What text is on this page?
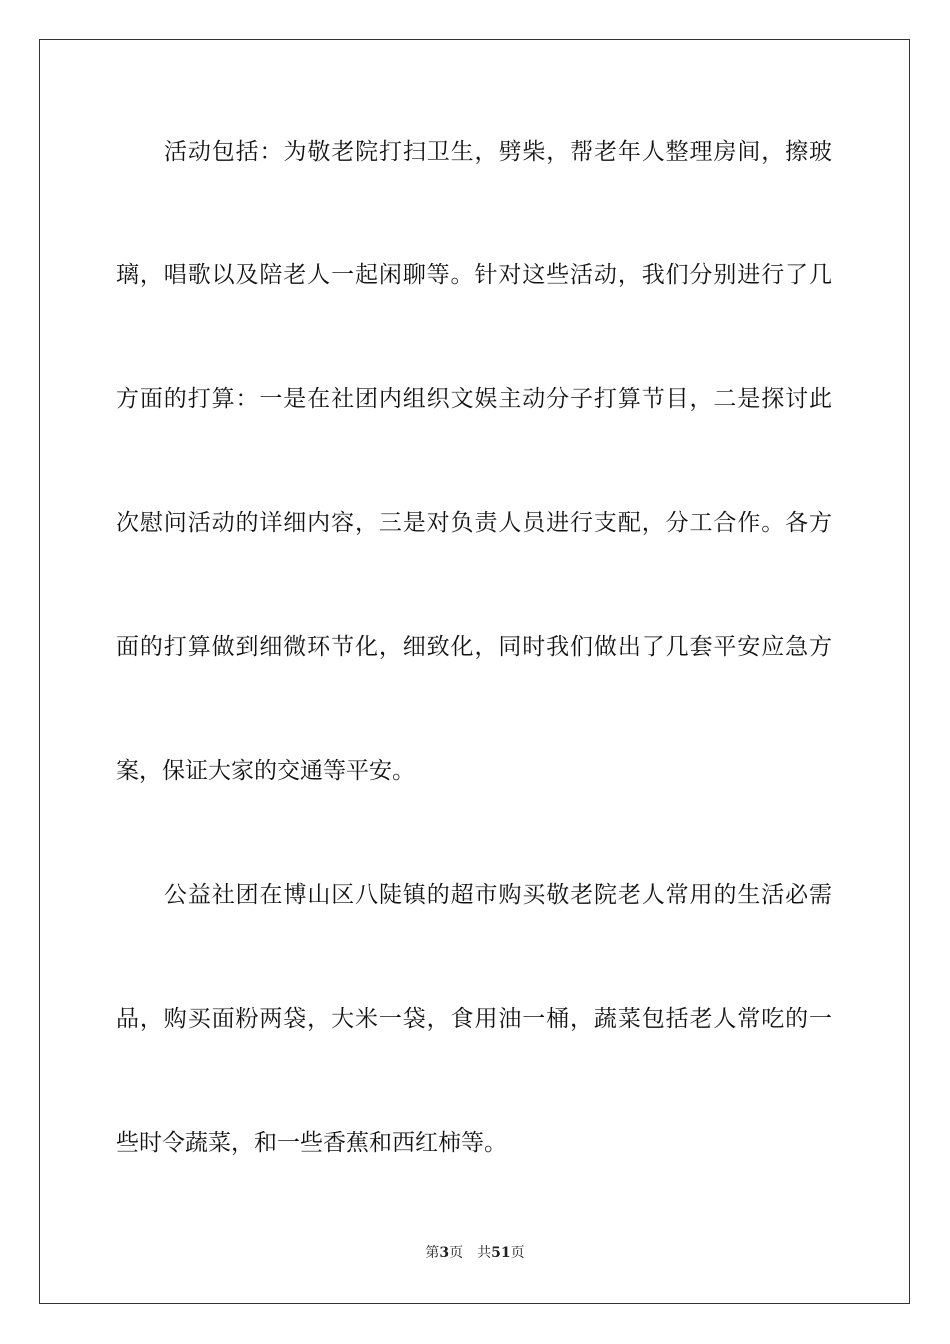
活动包括：为敬老院打扫卫生，劈柴，帮老年人整理房间，擦玻
璃，唱歌以及陪老人一起闲聊等。针对这些活动，我们分别进行了几
方面的打算：一是在社团内组织文娱主动分子打算节目，二是探讨此
次慰问活动的详细内容，三是对负责人员进行支配，分工合作。各方
面的打算做到细微环节化，细致化，同时我们做出了几套平安应急方
案，保证大家的交通等平安。
公益社团在博山区八陡镇的超市购买敬老院老人常用的生活必需
品，购买面粉两袋，大米一袋，食用油一桶，蔬菜包括老人常吃的一
些时令蔬菜，和一些香蕉和西红柿等。
第3页 共51页
